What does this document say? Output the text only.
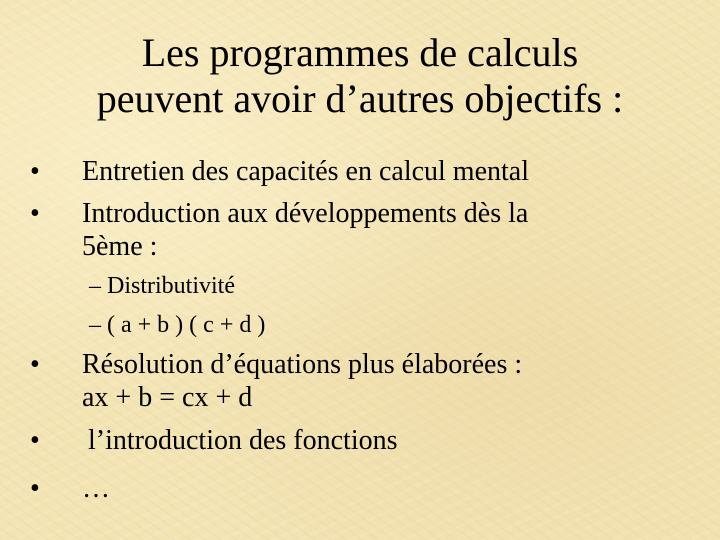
Les programmes de calculs
peuvent avoir d’autres objectifs :
•	Entretien des capacités en calcul mental
•	Introduction aux développements dès la
5ème :
– Distributivité
– ( a + b ) ( c + d )
•	Résolution d’équations plus élaborées :
ax + b = cx + d
•	l’introduction des fonctions
•	…
